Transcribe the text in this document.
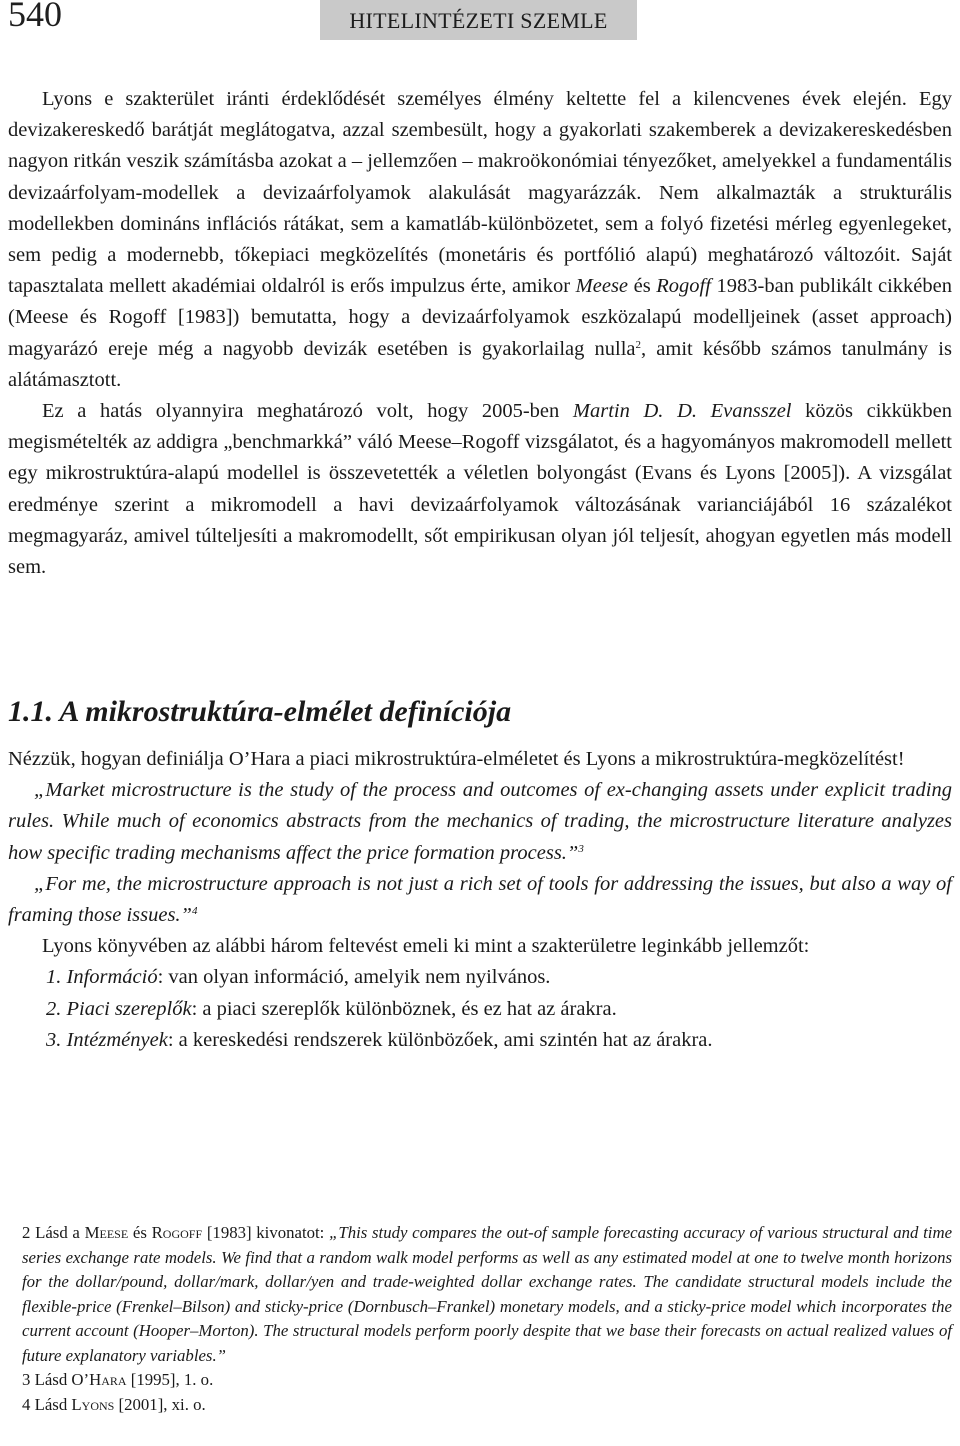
540	HITELINTÉZETI SZEMLE

Lyons e szakterület iránti érdeklődését személyes élmény keltette fel a kilencvenes évek elején. Egy devizakereskedő barátját meglátogatva, azzal szembesült, hogy a gyakorlati szakemberek a devizakereskedésben nagyon ritkán veszik számításba azokat a – jellemzően – makroökonómiai tényezőket, amelyekkel a fundamentális devizaárfolyam-modellek a devizaárfolyamok alakulását magyarázzák. Nem alkalmazták a strukturális modellekben domináns inflációs rátákat, sem a kamatláb-különbözetet, sem a folyó fizetési mérleg egyenlegeket, sem pedig a modernebb, tőkepiaci megközelítés (monetáris és portfólió alapú) meghatározó változóit. Saját tapasztalata mellett akadémiai oldalról is erős impulzus érte, amikor Meese és Rogoff 1983-ban publikált cikkében (Meese és Rogoff [1983]) bemutatta, hogy a devizaárfolyamok eszközalapú modelljeinek (asset approach) magyarázó ereje még a nagyobb devizák esetében is gyakorlailag nulla$^2$, amit később számos tanulmány is alátámasztott.

Ez a hatás olyannyira meghatározó volt, hogy 2005-ben Martin D. D. Evansszel közös cikkükben megismételték az addigra „benchmarkká” váló Meese–Rogoff vizsgálatot, és a hagyományos makromodell mellett egy mikrostruktúra-alapú modellel is összevetették a véletlen bolyongást (Evans és Lyons [2005]). A vizsgálat eredménye szerint a mikromodell a havi devizaárfolyamok változásának varianciájából 16 százalékot megmagyaráz, amivel túlteljesíti a makromodellt, sőt empirikusan olyan jól teljesít, ahogyan egyetlen más modell sem.

1.1. A mikrostruktúra-elmélet definíciója

Nézzük, hogyan definiálja O’Hara a piaci mikrostruktúra-elméletet és Lyons a mikrostruktúra-megközelítést!

„Market microstructure is the study of the process and outcomes of ex-changing assets under explicit trading rules. While much of economics abstracts from the mechanics of trading, the microstructure literature analyzes how specific trading mechanisms affect the price formation process.”$^3$

„For me, the microstructure approach is not just a rich set of tools for addressing the issues, but also a way of framing those issues.”$^4$

Lyons könyvében az alábbi három feltevést emeli ki mint a szakterületre leginkább jellemzőt:

1. Információ: van olyan információ, amelyik nem nyilvános.

2. Piaci szereplők: a piaci szereplők különböznek, és ez hat az árakra.

3. Intézmények: a kereskedési rendszerek különbözőek, ami szintén hat az árakra.

2 Lásd a Meese és Rogoff [1983] kivonatot: „This study compares the out-of sample forecasting accuracy of various structural and time series exchange rate models. We find that a random walk model performs as well as any estimated model at one to twelve month horizons for the dollar/pound, dollar/mark, dollar/yen and trade-weighted dollar exchange rates. The candidate structural models include the flexible-price (Frenkel–Bilson) and sticky-price (Dornbusch–Frankel) monetary models, and a sticky-price model which incorporates the current account (Hooper–Morton). The structural models perform poorly despite that we base their forecasts on actual realized values of future explanatory variables.”

3 Lásd O’Hara [1995], 1. o.

4 Lásd Lyons [2001], xi. o.
